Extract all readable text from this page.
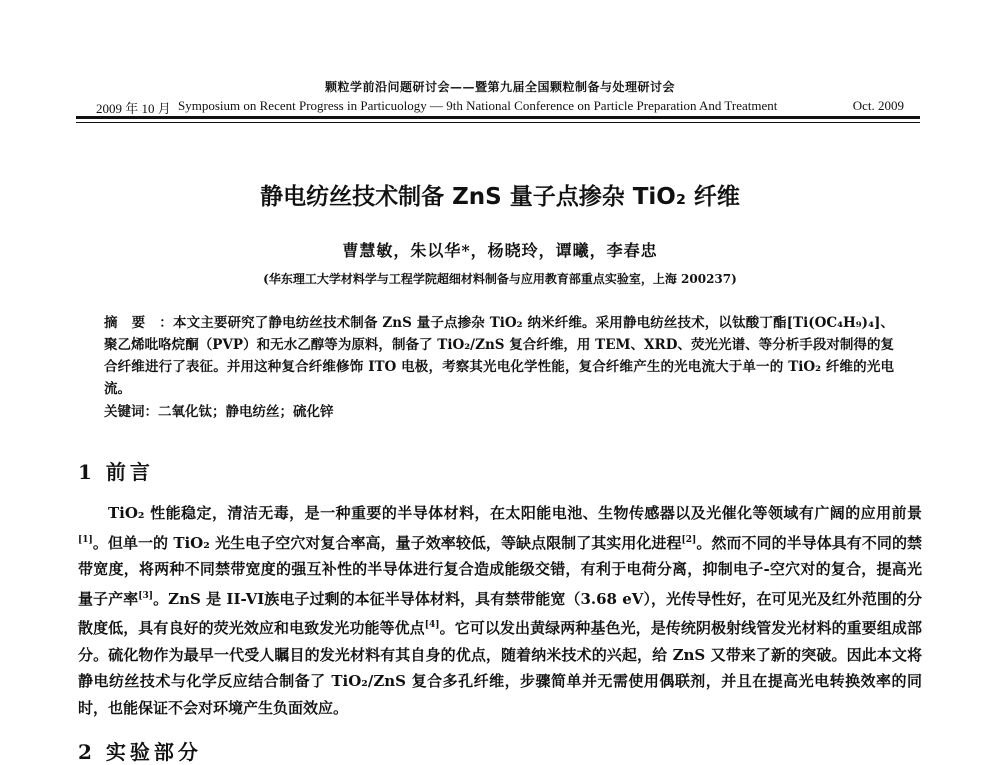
颗粒学前沿问题研讨会——暨第九届全国颗粒制备与处理研讨会
2009 年 10 月 Symposium on Recent Progress in Particuology — 9th National Conference on Particle Preparation And Treatment	Oct. 2009
静电纺丝技术制备 ZnS 量子点掺杂 TiO₂ 纤维
曹慧敏，朱以华*，杨晓玲，谭曦，李春忠
(华东理工大学材料学与工程学院超细材料制备与应用教育部重点实验室，上海 200237)
摘要：本文主要研究了静电纺丝技术制备 ZnS 量子点掺杂 TiO₂ 纳米纤维。采用静电纺丝技术，以钛酸丁酯[Ti(OC₄H₉)₄]、聚乙烯吡咯烷酮（PVP）和无水乙醇等为原料，制备了 TiO₂/ZnS 复合纤维，用 TEM、XRD、荧光光谱、等分析手段对制得的复合纤维进行了表征。并用这种复合纤维修饰 ITO 电极，考察其光电化学性能，复合纤维产生的光电流大于单一的 TiO₂ 纤维的光电流。
关键词：二氧化钛；静电纺丝；硫化锌
1 前言
TiO₂ 性能稳定，清洁无毒，是一种重要的半导体材料，在太阳能电池、生物传感器以及光催化等领域有广阔的应用前景[1]。但单一的 TiO₂ 光生电子空穴对复合率高，量子效率较低，等缺点限制了其实用化进程[2]。然而不同的半导体具有不同的禁带宽度，将两种不同禁带宽度的强互补性的半导体进行复合造成能级交错，有利于电荷分离，抑制电子-空穴对的复合，提高光量子产率[3]。ZnS 是 II-VI族电子过剩的本征半导体材料，具有禁带能宽（3.68 eV），光传导性好，在可见光及红外范围的分散度低，具有良好的荧光效应和电致发光功能等优点[4]。它可以发出黄绿两种基色光，是传统阴极射线管发光材料的重要组成部分。硫化物作为最早一代受人瞩目的发光材料有其自身的优点，随着纳米技术的兴起，给 ZnS 又带来了新的突破。因此本文将静电纺丝技术与化学反应结合制备了 TiO₂/ZnS 复合多孔纤维，步骤简单并无需使用偶联剂，并且在提高光电转换效率的同时，也能保证不会对环境产生负面效应。
2 实验部分
